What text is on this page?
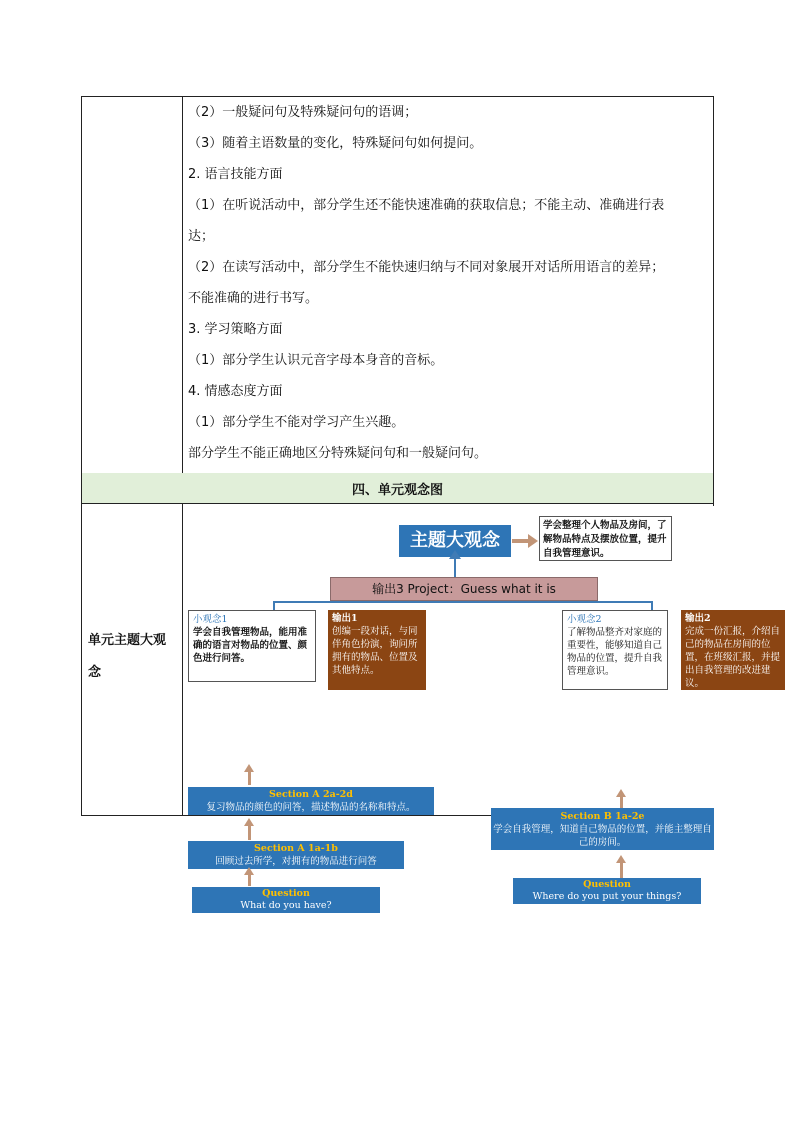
（2）一般疑问句及特殊疑问句的语调；
（3）随着主语数量的变化，特殊疑问句如何提问。
2. 语言技能方面
（1）在听说活动中，部分学生还不能快速准确的获取信息；不能主动、准确进行表
达；
（2）在读写活动中，部分学生不能快速归纳与不同对象展开对话所用语言的差异；
不能准确的进行书写。
3. 学习策略方面
（1）部分学生认识元音字母本身音的音标。
4. 情感态度方面
（1）部分学生不能对学习产生兴趣。
部分学生不能正确地区分特殊疑问句和一般疑问句。
四、单元观念图
单元主题大观念
主题大观念
学会整理个人物品及房间，了解物品特点及摆放位置，提升自我管理意识。
输出3 Project：Guess what it is
小观念1
学会自我管理物品，能用准确的语言对物品的位置、颜色进行问答。
输出1
创编一段对话，与同伴角色扮演，询问所拥有的物品、位置及其他特点。
小观念2
了解物品整齐对家庭的重要性，能够知道自己物品的位置，提升自我管理意识。
输出2
完成一份汇报，介绍自己的物品在房间的位置，在班级汇报，并提出自我管理的改进建议。
Question
What do you have?
Section A 2a-2d
复习物品的颜色的问答，描述物品的名称和特点。
Section A 1a-1b
回顾过去所学，对拥有的物品进行问答
Section B 1a-2e
学会自我管理，知道自己物品的位置，并能主整理自己的房间。
Question
Where do you put your things?
